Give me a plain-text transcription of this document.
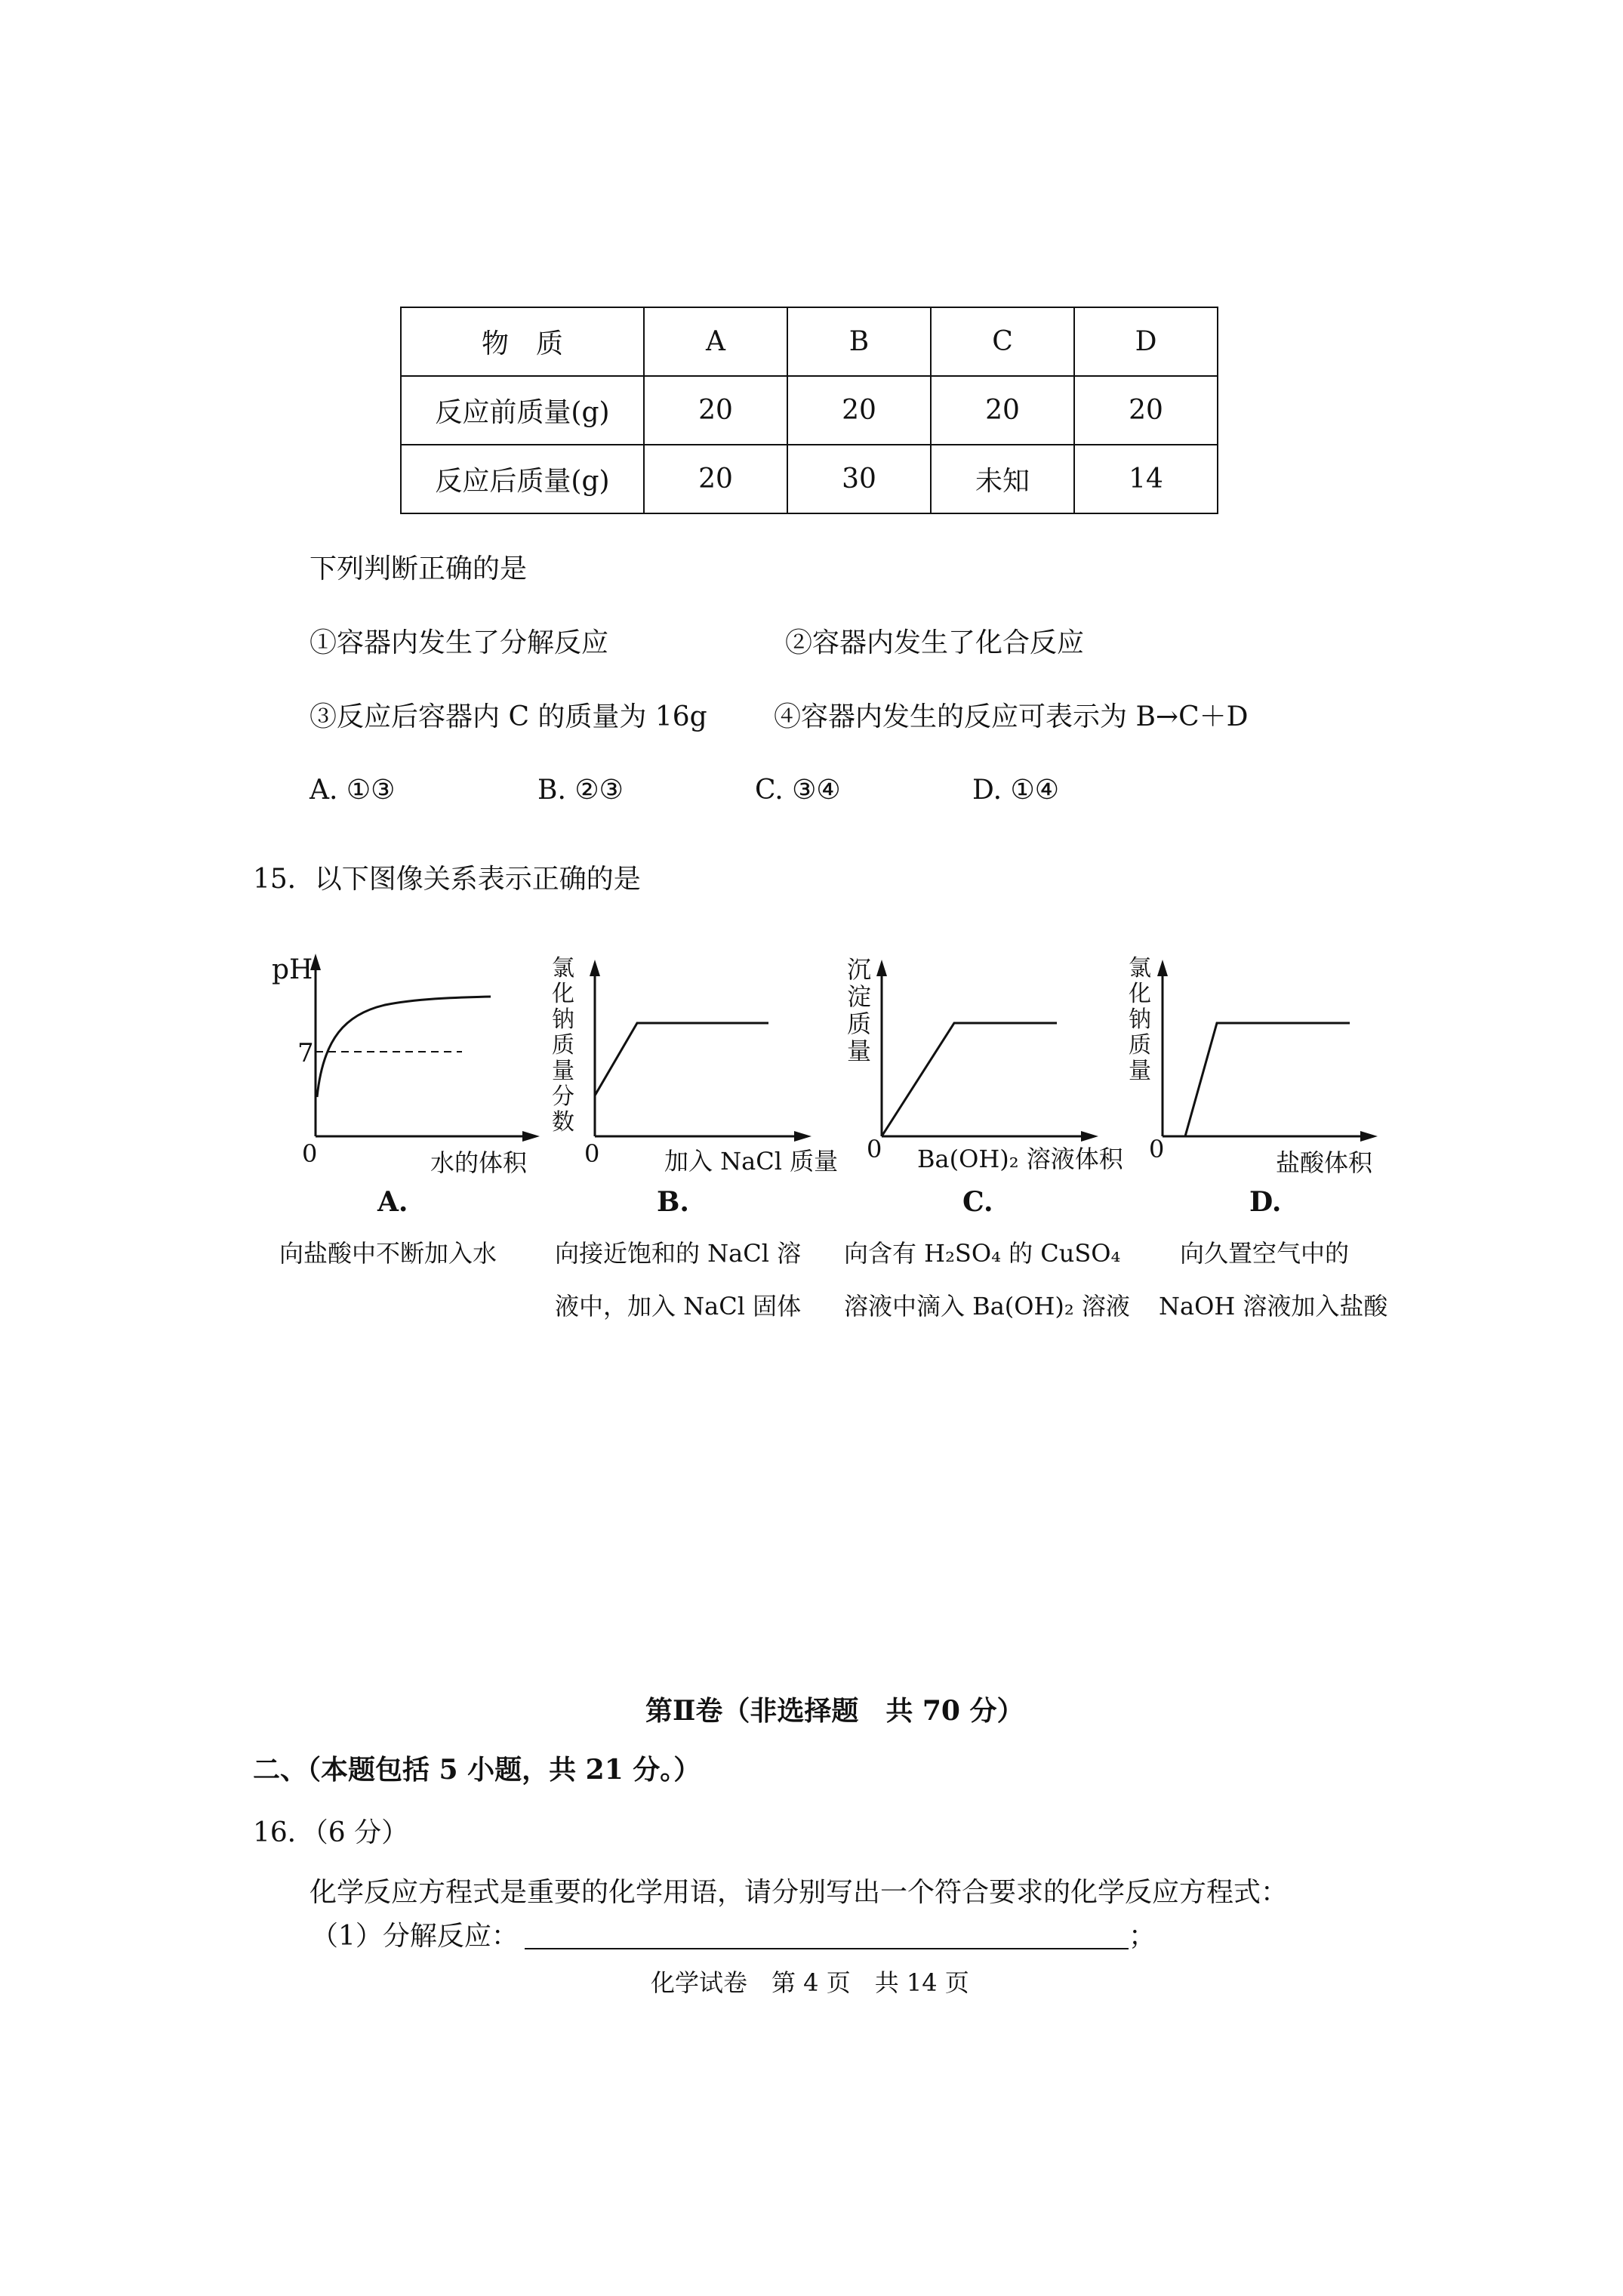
物　质	A	B	C	D
反应前质量(g)	20	20	20	20
反应后质量(g)	20	30	未知	14
下列判断正确的是
①容器内发生了分解反应	②容器内发生了化合反应
③反应后容器内 C 的质量为 16g ④容器内发生的反应可表示为 B→C＋D
A. ①③	B. ②③	C. ③④	D. ①④
15．以下图像关系表示正确的是
pH
7
0	水的体积
A.
向盐酸中不断加入水
氯化钠质量分数
0	加入 NaCl 质量
B.
向接近饱和的 NaCl 溶
液中，加入 NaCl 固体
沉淀质量
0 Ba(OH)₂ 溶液体积
C.
向含有 H₂SO₄ 的 CuSO₄
溶液中滴入 Ba(OH)₂ 溶液
氯化钠质量
0	盐酸体积
D.
向久置空气中的
NaOH 溶液加入盐酸
第Ⅱ卷（非选择题　共 70 分）
二、（本题包括 5 小题，共 21 分。）
16．（6 分）
化学反应方程式是重要的化学用语，请分别写出一个符合要求的化学反应方程式：
（1）分解反应：	；
化学试卷　第 4 页　共 14 页
